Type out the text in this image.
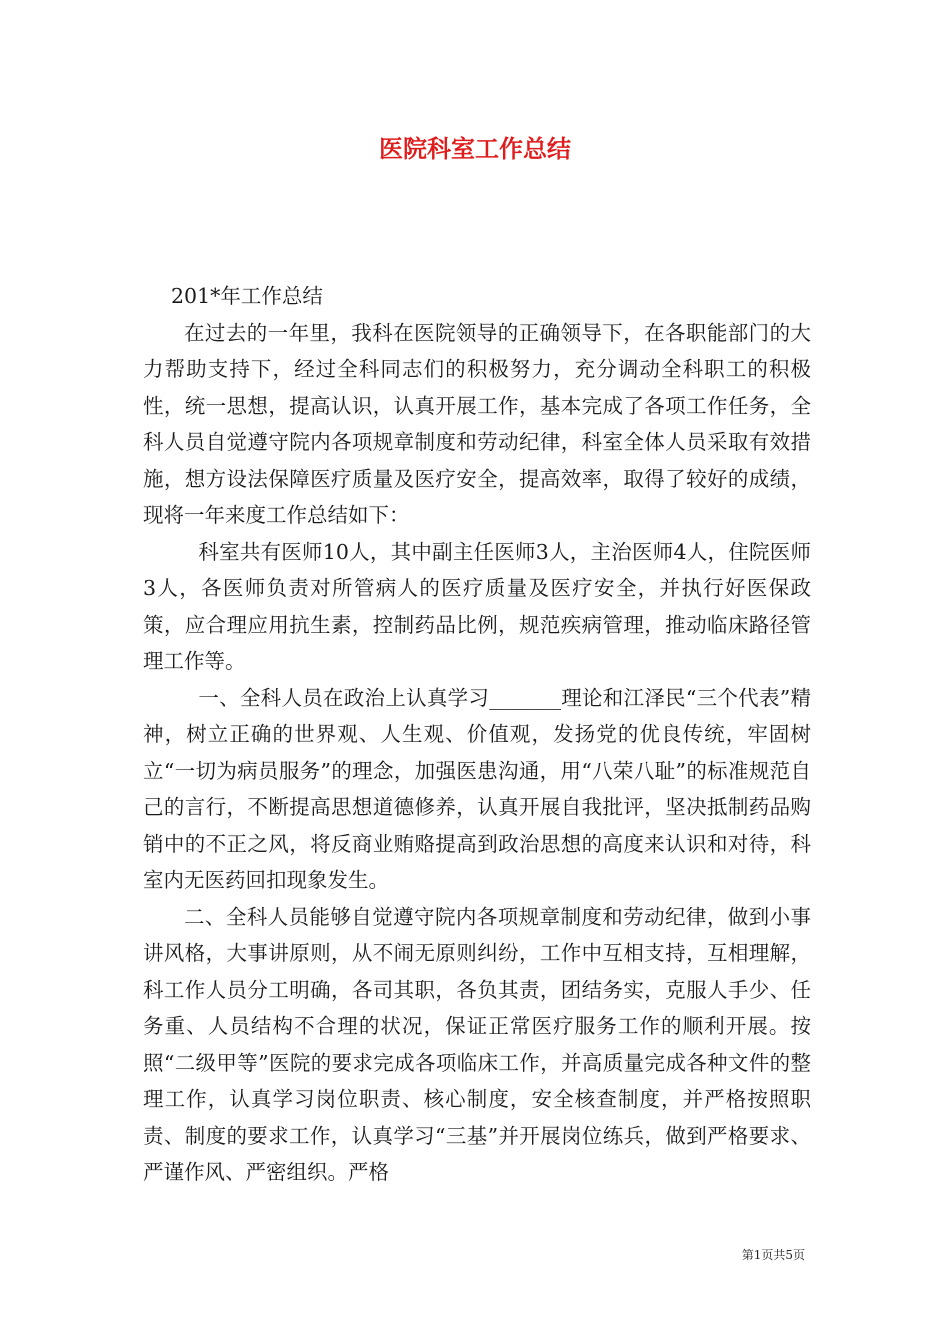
医院科室工作总结

201*年工作总结

在过去的一年里，我科在医院领导的正确领导下，在各职能部门的大力帮助支持下，经过全科同志们的积极努力，充分调动全科职工的积极性，统一思想，提高认识，认真开展工作，基本完成了各项工作任务，全科人员自觉遵守院内各项规章制度和劳动纪律，科室全体人员采取有效措施，想方设法保障医疗质量及医疗安全，提高效率，取得了较好的成绩，现将一年来度工作总结如下：

科室共有医师10人，其中副主任医师3人，主治医师4人，住院医师3人，各医师负责对所管病人的医疗质量及医疗安全，并执行好医保政策，应合理应用抗生素，控制药品比例，规范疾病管理，推动临床路径管理工作等。

一、全科人员在政治上认真学习_______理论和江泽民“三个代表”精神，树立正确的世界观、人生观、价值观，发扬党的优良传统，牢固树立“一切为病员服务”的理念，加强医患沟通，用“八荣八耻”的标准规范自己的言行，不断提高思想道德修养，认真开展自我批评，坚决抵制药品购销中的不正之风，将反商业贿赂提高到政治思想的高度来认识和对待，科室内无医药回扣现象发生。

二、全科人员能够自觉遵守院内各项规章制度和劳动纪律，做到小事讲风格，大事讲原则，从不闹无原则纠纷，工作中互相支持，互相理解，科工作人员分工明确，各司其职，各负其责，团结务实，克服人手少、任务重、人员结构不合理的状况，保证正常医疗服务工作的顺利开展。按照“二级甲等”医院的要求完成各项临床工作，并高质量完成各种文件的整理工作，认真学习岗位职责、核心制度，安全核查制度，并严格按照职责、制度的要求工作，认真学习“三基”并开展岗位练兵，做到严格要求、严谨作风、严密组织。严格

第1页共5页
